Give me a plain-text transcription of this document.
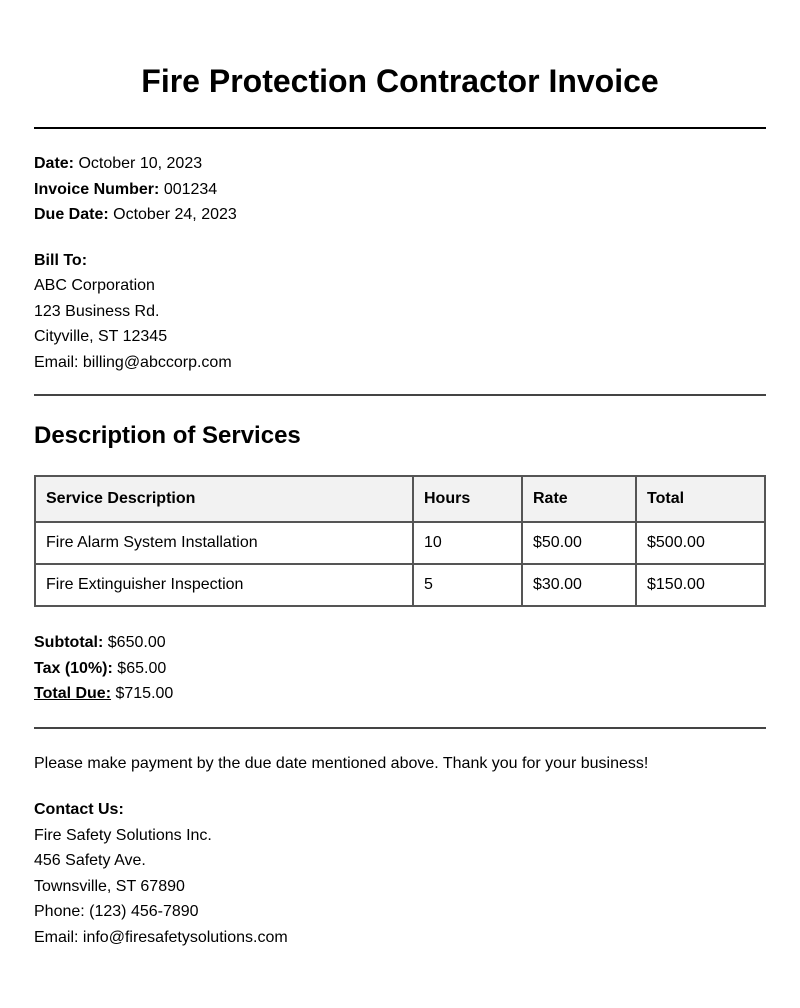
Fire Protection Contractor Invoice
Date: October 10, 2023
Invoice Number: 001234
Due Date: October 24, 2023
Bill To:
ABC Corporation
123 Business Rd.
Cityville, ST 12345
Email: billing@abccorp.com
Description of Services
Service Description	Hours	Rate	Total
Fire Alarm System Installation	10	$50.00	$500.00
Fire Extinguisher Inspection	5	$30.00	$150.00
Subtotal: $650.00
Tax (10%): $65.00
Total Due: $715.00
Please make payment by the due date mentioned above. Thank you for your business!
Contact Us:
Fire Safety Solutions Inc.
456 Safety Ave.
Townsville, ST 67890
Phone: (123) 456-7890
Email: info@firesafetysolutions.com
